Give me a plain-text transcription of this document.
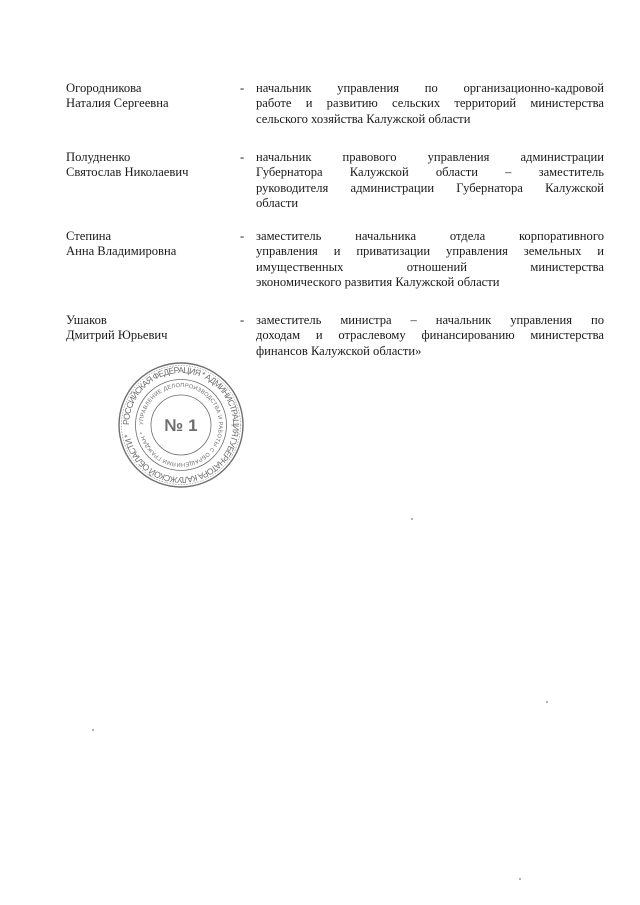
Огородникова
Наталия Сергеевна
- начальник управления по организационно-кадровой
работе и развитию сельских территорий министерства
сельского хозяйства Калужской области
Полудненко
Святослав Николаевич
- начальник правового управления администрации
Губернатора Калужской области – заместитель
руководителя администрации Губернатора Калужской
области
Степина
Анна Владимировна
- заместитель начальника отдела корпоративного
управления и приватизации управления земельных и
имущественных отношений министерства
экономического развития Калужской области
Ушаков
Дмитрий Юрьевич
- заместитель министра – начальник управления по
доходам и отраслевому финансированию министерства
финансов Калужской области»
РОССИЙСКАЯ ФЕДЕРАЦИЯ * АДМИНИСТРАЦИЯ ГУБЕРНАТОРА КАЛУЖСКОЙ ОБЛАСТИ *
УПРАВЛЕНИЕ ДЕЛОПРОИЗВОДСТВА И РАБОТЫ С ОБРАЩЕНИЯМИ ГРАЖДАН *	№ 1
